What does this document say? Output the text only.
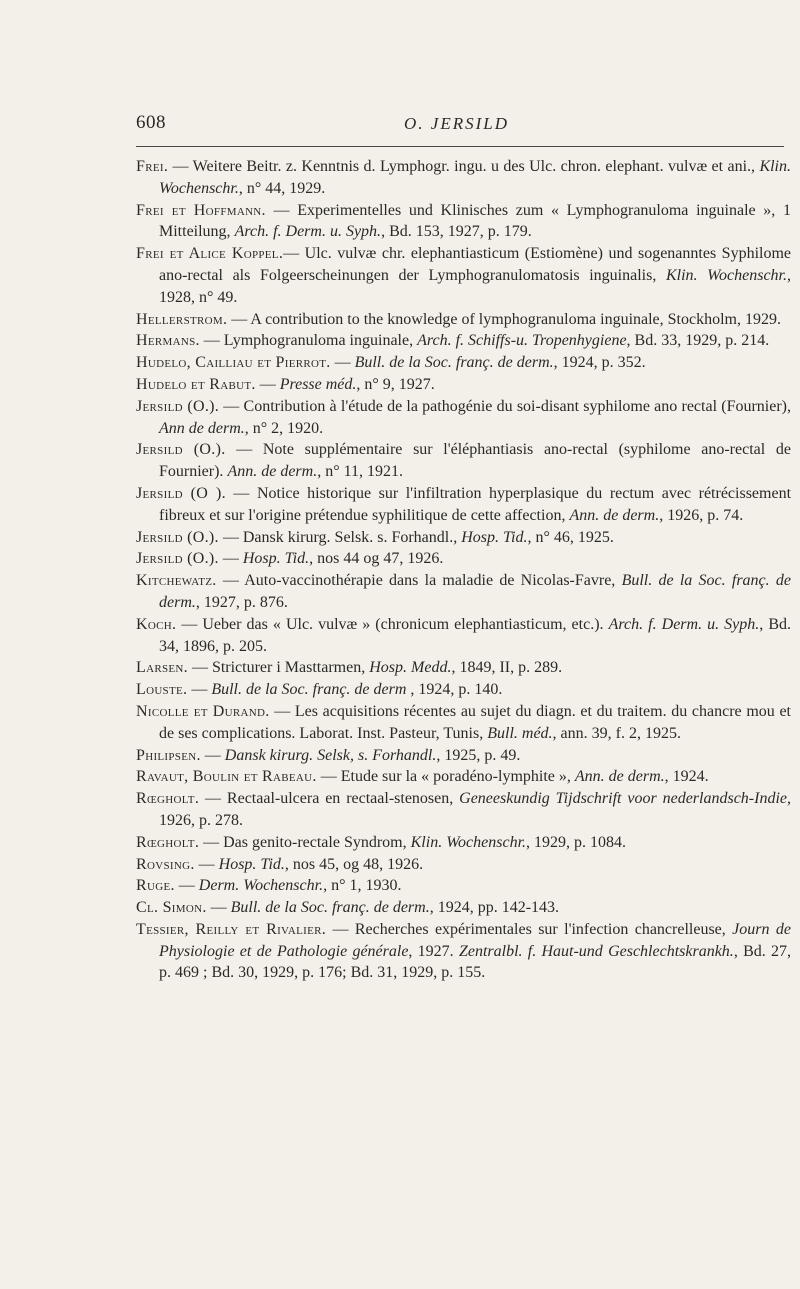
608	O. JERSILD

Frei. — Weitere Beitr. z. Kenntnis d. Lymphogr. ingu. u des Ulc. chron. elephant. vulvæ et ani., Klin. Wochenschr., n° 44, 1929.

Frei et Hoffmann. — Experimentelles und Klinisches zum « Lymphogranuloma inguinale », 1 Mitteilung, Arch. f. Derm. u. Syph., Bd. 153, 1927, p. 179.

Frei et Alice Koppel.— Ulc. vulvæ chr. elephantiasticum (Estiomène) und sogenanntes Syphilome ano-rectal als Folgeerscheinungen der Lymphogranulomatosis inguinalis, Klin. Wochenschr., 1928, n° 49.

Hellerstrom. — A contribution to the knowledge of lymphogranuloma inguinale, Stockholm, 1929.

Hermans. — Lymphogranuloma inguinale, Arch. f. Schiffs-u. Tropenhygiene, Bd. 33, 1929, p. 214.

Hudelo, Cailliau et Pierrot. — Bull. de la Soc. franç. de derm., 1924, p. 352.

Hudelo et Rabut. — Presse méd., n° 9, 1927.

Jersild (O.). — Contribution à l'étude de la pathogénie du soi-disant syphilome ano rectal (Fournier), Ann de derm., n° 2, 1920.

Jersild (O.). — Note supplémentaire sur l'éléphantiasis ano-rectal (syphilome ano-rectal de Fournier). Ann. de derm., n° 11, 1921.

Jersild (O ). — Notice historique sur l'infiltration hyperplasique du rectum avec rétrécissement fibreux et sur l'origine prétendue syphilitique de cette affection, Ann. de derm., 1926, p. 74.

Jersild (O.). — Dansk kirurg. Selsk. s. Forhandl., Hosp. Tid., n° 46, 1925.

Jersild (O.). — Hosp. Tid., nos 44 og 47, 1926.

Kitchewatz. — Auto-vaccinothérapie dans la maladie de Nicolas-Favre, Bull. de la Soc. franç. de derm., 1927, p. 876.

Koch. — Ueber das « Ulc. vulvæ » (chronicum elephantiasticum, etc.). Arch. f. Derm. u. Syph., Bd. 34, 1896, p. 205.

Larsen. — Stricturer i Masttarmen, Hosp. Medd., 1849, II, p. 289.

Louste. — Bull. de la Soc. franç. de derm , 1924, p. 140.

Nicolle et Durand. — Les acquisitions récentes au sujet du diagn. et du traitem. du chancre mou et de ses complications. Laborat. Inst. Pasteur, Tunis, Bull. méd., ann. 39, f. 2, 1925.

Philipsen. — Dansk kirurg. Selsk, s. Forhandl., 1925, p. 49.

Ravaut, Boulin et Rabeau. — Etude sur la « poradéno-lymphite », Ann. de derm., 1924.

Rœgholt. — Rectaal-ulcera en rectaal-stenosen, Geneeskundig Tijdschrift voor nederlandsch-Indie, 1926, p. 278.

Rœgholt. — Das genito-rectale Syndrom, Klin. Wochenschr., 1929, p. 1084.

Rovsing. — Hosp. Tid., nos 45, og 48, 1926.

Ruge. — Derm. Wochenschr., n° 1, 1930.

Cl. Simon. — Bull. de la Soc. franç. de derm., 1924, pp. 142-143.

Tessier, Reilly et Rivalier. — Recherches expérimentales sur l'infection chancrelleuse, Journ de Physiologie et de Pathologie générale, 1927. Zentralbl. f. Haut-und Geschlechtskrankh., Bd. 27, p. 469 ; Bd. 30, 1929, p. 176; Bd. 31, 1929, p. 155.
